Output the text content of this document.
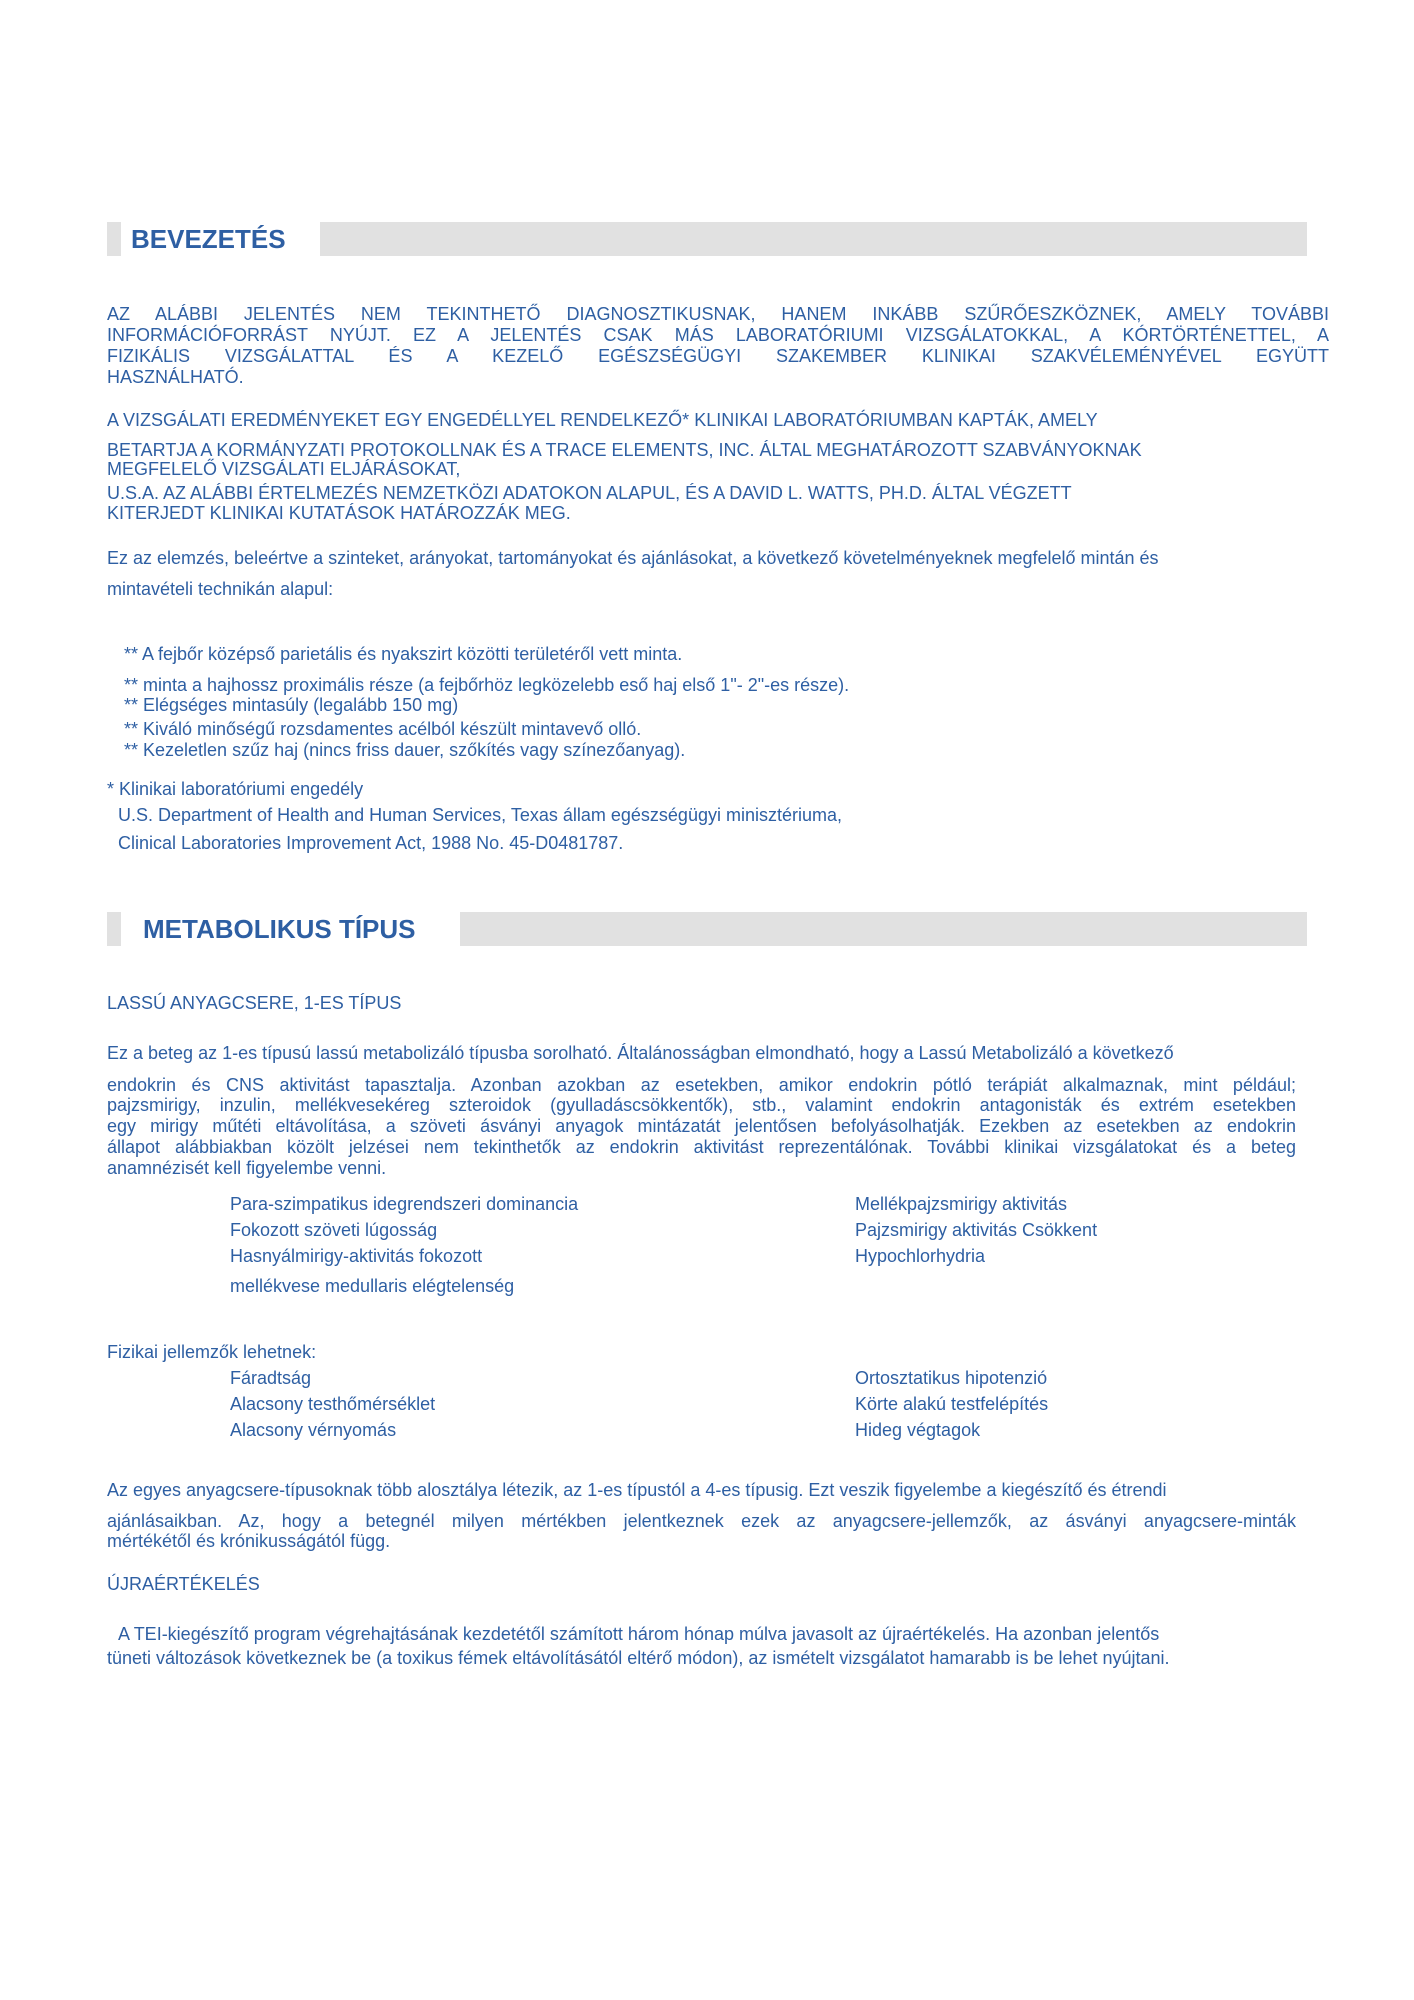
BEVEZETÉS

AZ ALÁBBI JELENTÉS NEM TEKINTHETŐ DIAGNOSZTIKUSNAK, HANEM INKÁBB SZŰRŐESZKÖZNEK, AMELY TOVÁBBI

INFORMÁCIÓFORRÁST NYÚJT. EZ A JELENTÉS CSAK MÁS LABORATÓRIUMI VIZSGÁLATOKKAL, A KÓRTÖRTÉNETTEL, A

FIZIKÁLIS VIZSGÁLATTAL ÉS A KEZELŐ EGÉSZSÉGÜGYI SZAKEMBER KLINIKAI SZAKVÉLEMÉNYÉVEL EGYÜTT

HASZNÁLHATÓ.

A VIZSGÁLATI EREDMÉNYEKET EGY ENGEDÉLLYEL RENDELKEZŐ* KLINIKAI LABORATÓRIUMBAN KAPTÁK, AMELY

BETARTJA A KORMÁNYZATI PROTOKOLLNAK ÉS A TRACE ELEMENTS, INC. ÁLTAL MEGHATÁROZOTT SZABVÁNYOKNAK

MEGFELELŐ VIZSGÁLATI ELJÁRÁSOKAT,

U.S.A. AZ ALÁBBI ÉRTELMEZÉS NEMZETKÖZI ADATOKON ALAPUL, ÉS A DAVID L. WATTS, PH.D. ÁLTAL VÉGZETT

KITERJEDT KLINIKAI KUTATÁSOK HATÁROZZÁK MEG.

Ez az elemzés, beleértve a szinteket, arányokat, tartományokat és ajánlásokat, a következő követelményeknek megfelelő mintán és

mintavételi technikán alapul:

** A fejbőr középső parietális és nyakszirt közötti területéről vett minta.

** minta a hajhossz proximális része (a fejbőrhöz legközelebb eső haj első 1"- 2"-es része).

** Elégséges mintasúly (legalább 150 mg)

** Kiváló minőségű rozsdamentes acélból készült mintavevő olló.

** Kezeletlen szűz haj (nincs friss dauer, szőkítés vagy színezőanyag).

* Klinikai laboratóriumi engedély

U.S. Department of Health and Human Services, Texas állam egészségügyi minisztériuma,

Clinical Laboratories Improvement Act, 1988 No. 45-D0481787.

METABOLIKUS TÍPUS

LASSÚ ANYAGCSERE, 1-ES TÍPUS

Ez a beteg az 1-es típusú lassú metabolizáló típusba sorolható. Általánosságban elmondható, hogy a Lassú Metabolizáló a következő

endokrin és CNS aktivitást tapasztalja. Azonban azokban az esetekben, amikor endokrin pótló terápiát alkalmaznak, mint például;

pajzsmirigy, inzulin, mellékvesekéreg szteroidok (gyulladáscsökkentők), stb., valamint endokrin antagonisták és extrém esetekben

egy mirigy műtéti eltávolítása, a szöveti ásványi anyagok mintázatát jelentősen befolyásolhatják. Ezekben az esetekben az endokrin

állapot alábbiakban közölt jelzései nem tekinthetők az endokrin aktivitást reprezentálónak. További klinikai vizsgálatokat és a beteg

anamnézisét kell figyelembe venni.

Para-szimpatikus idegrendszeri dominancia

Fokozott szöveti lúgosság

Hasnyálmirigy-aktivitás fokozott

mellékvese medullaris elégtelenség

Mellékpajzsmirigy aktivitás

Pajzsmirigy aktivitás Csökkent

Hypochlorhydria

Fizikai jellemzők lehetnek:

Fáradtság

Alacsony testhőmérséklet

Alacsony vérnyomás

Ortosztatikus hipotenzió

Körte alakú testfelépítés

Hideg végtagok

Az egyes anyagcsere-típusoknak több alosztálya létezik, az 1-es típustól a 4-es típusig. Ezt veszik figyelembe a kiegészítő és étrendi

ajánlásaikban. Az, hogy a betegnél milyen mértékben jelentkeznek ezek az anyagcsere-jellemzők, az ásványi anyagcsere-minták

mértékétől és krónikusságától függ.

ÚJRAÉRTÉKELÉS

A TEI-kiegészítő program végrehajtásának kezdetétől számított három hónap múlva javasolt az újraértékelés. Ha azonban jelentős

tüneti változások következnek be (a toxikus fémek eltávolításától eltérő módon), az ismételt vizsgálatot hamarabb is be lehet nyújtani.
